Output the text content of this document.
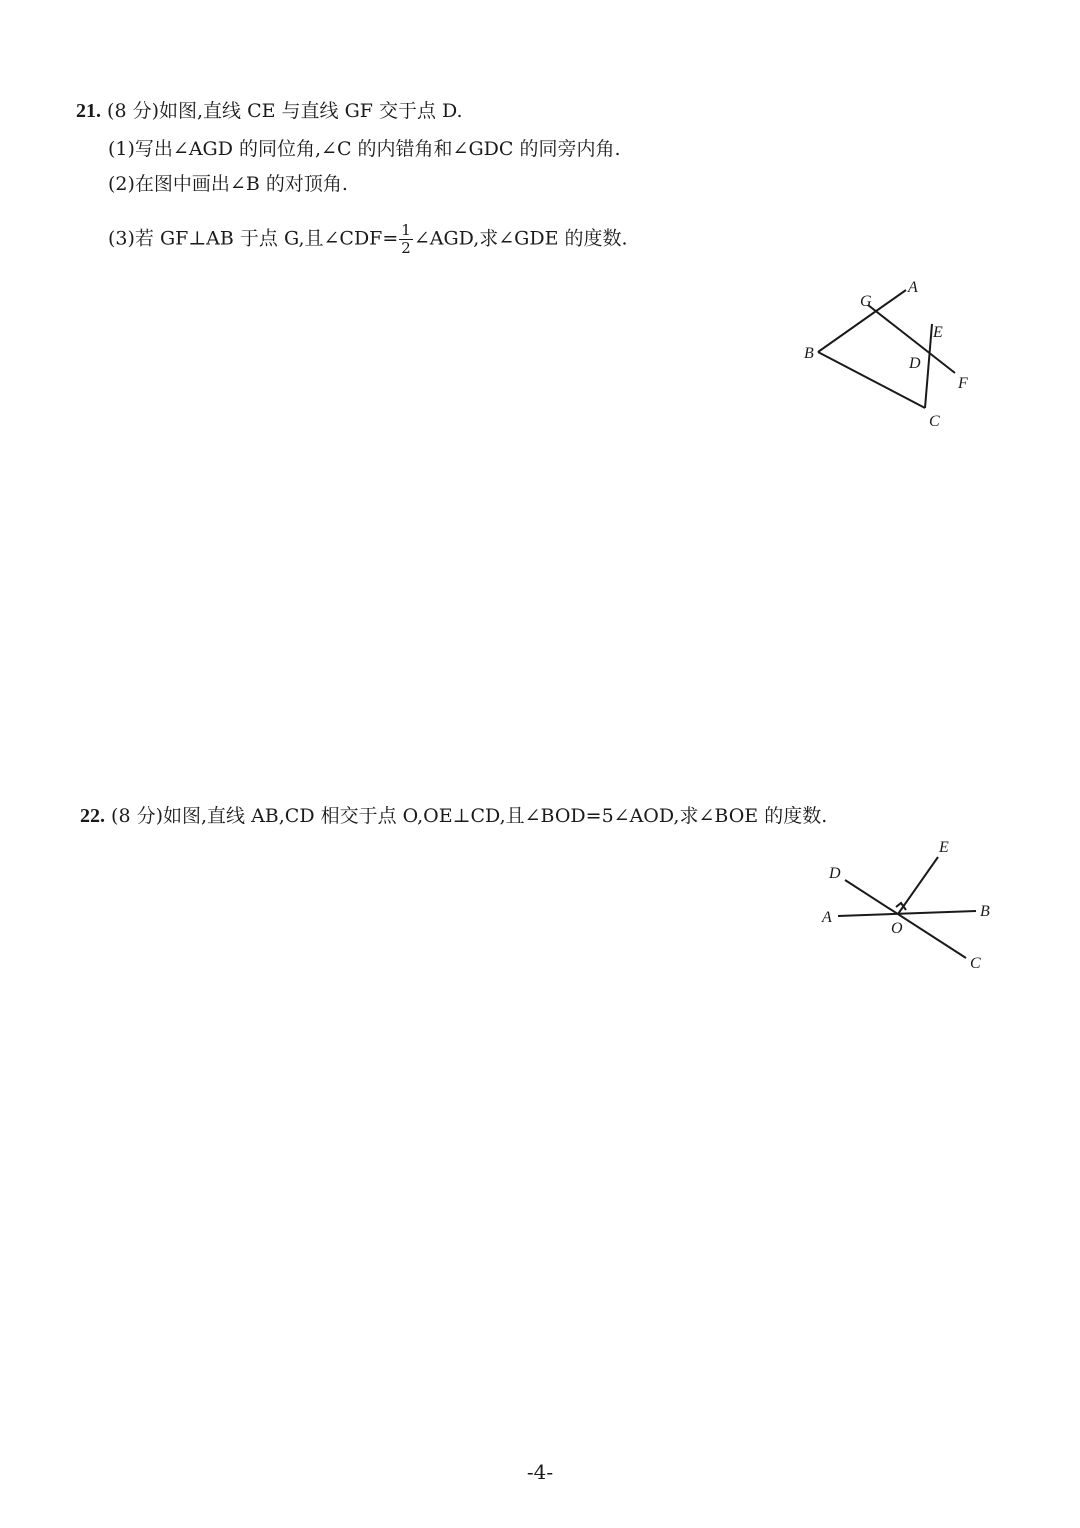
21. (8 分)如图,直线 CE 与直线 GF 交于点 D.
(1)写出∠AGD 的同位角,∠C 的内错角和∠GDC 的同旁内角.
(2)在图中画出∠B 的对顶角.
(3)若 GF⊥AB 于点 G,且∠CDF= $\frac{1}{2}$ ∠AGD,求∠GDE 的度数.
A
G
E
B
D
F
C
22. (8 分)如图,直线 AB,CD 相交于点 O,OE⊥CD,且∠BOD=5∠AOD,求∠BOE 的度数.
E
D
A	B
O
C
-4-
